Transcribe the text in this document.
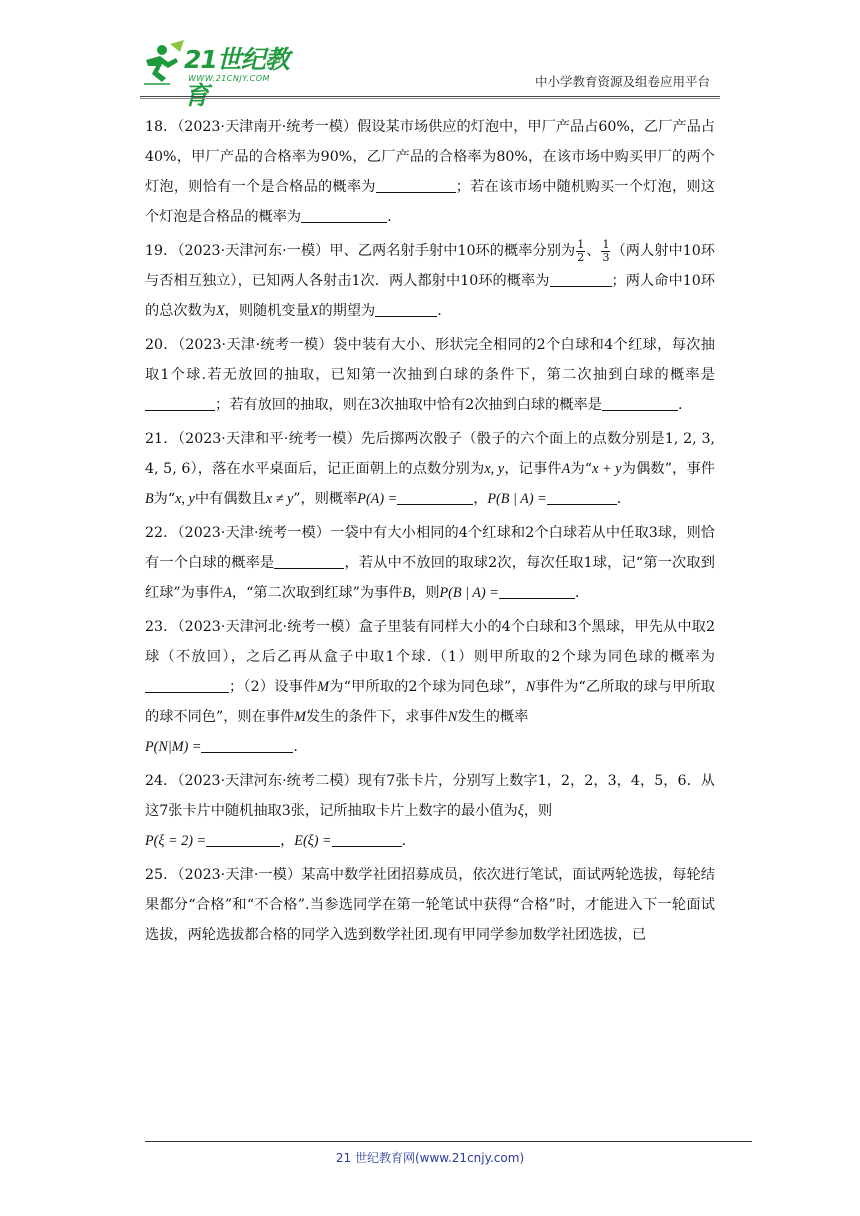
21世纪教育
WWW.21CNJY.COM	中小学教育资源及组卷应用平台

18．（2023·天津南开·统考一模）假设某市场供应的灯泡中，甲厂产品占60%，乙厂产品占40%，甲厂产品的合格率为90%，乙厂产品的合格率为80%，在该市场中购买甲厂的两个灯泡，则恰有一个是合格品的概率为	；若在该市场中随机购买一个灯泡，则这个灯泡是合格品的概率为	.

19．（2023·天津河东·一模）甲、乙两名射手射中10环的概率分别为 $\frac{1}{2}$ 、 $\frac{1}{3}$ （两人射中10环与否相互独立），已知两人各射击1次．两人都射中10环的概率为	；两人命中10环的总次数为X，则随机变量X的期望为	.

20．（2023·天津·统考一模）袋中装有大小、形状完全相同的2个白球和4个红球，每次抽取1个球.若无放回的抽取，已知第一次抽到白球的条件下，第二次抽到白球的概率是；若有放回的抽取，则在3次抽取中恰有2次抽到白球的概率是	.

21．（2023·天津和平·统考一模）先后掷两次骰子（骰子的六个面上的点数分别是1, 2, 3, 4, 5, 6），落在水平桌面后，记正面朝上的点数分别为x, y，记事件A为“x + y为偶数”，事件B为“x, y中有偶数且x ≠ y”，则概率P(A) =	，P(B | A) =	.

22．（2023·天津·统考一模）一袋中有大小相同的4个红球和2个白球若从中任取3球，则恰有一个白球的概率是	，若从中不放回的取球2次，每次任取1球，记“第一次取到红球”为事件A，“第二次取到红球”为事件B，则P(B | A) =	.

23．（2023·天津河北·统考一模）盒子里装有同样大小的4个白球和3个黑球，甲先从中取2球（不放回），之后乙再从盒子中取1个球.（1）则甲所取的2个球为同色球的概率为；（2）设事件M为“甲所取的2个球为同色球”，N事件为“乙所取的球与甲所取的球不同色”，则在事件M发生的条件下，求事件N发生的概率
P(N|M) =	.

24．（2023·天津河东·统考二模）现有7张卡片，分别写上数字1，2，2，3，4，5，6．从这7张卡片中随机抽取3张，记所抽取卡片上数字的最小值为ξ，则
P(ξ = 2) =	，E(ξ) =	.

25．（2023·天津·一模）某高中数学社团招募成员，依次进行笔试，面试两轮选拔，每轮结果都分“合格”和“不合格”.当参选同学在第一轮笔试中获得“合格”时，才能进入下一轮面试选拔，两轮选拔都合格的同学入选到数学社团.现有甲同学参加数学社团选拔，已

21 世纪教育网(www.21cnjy.com)
